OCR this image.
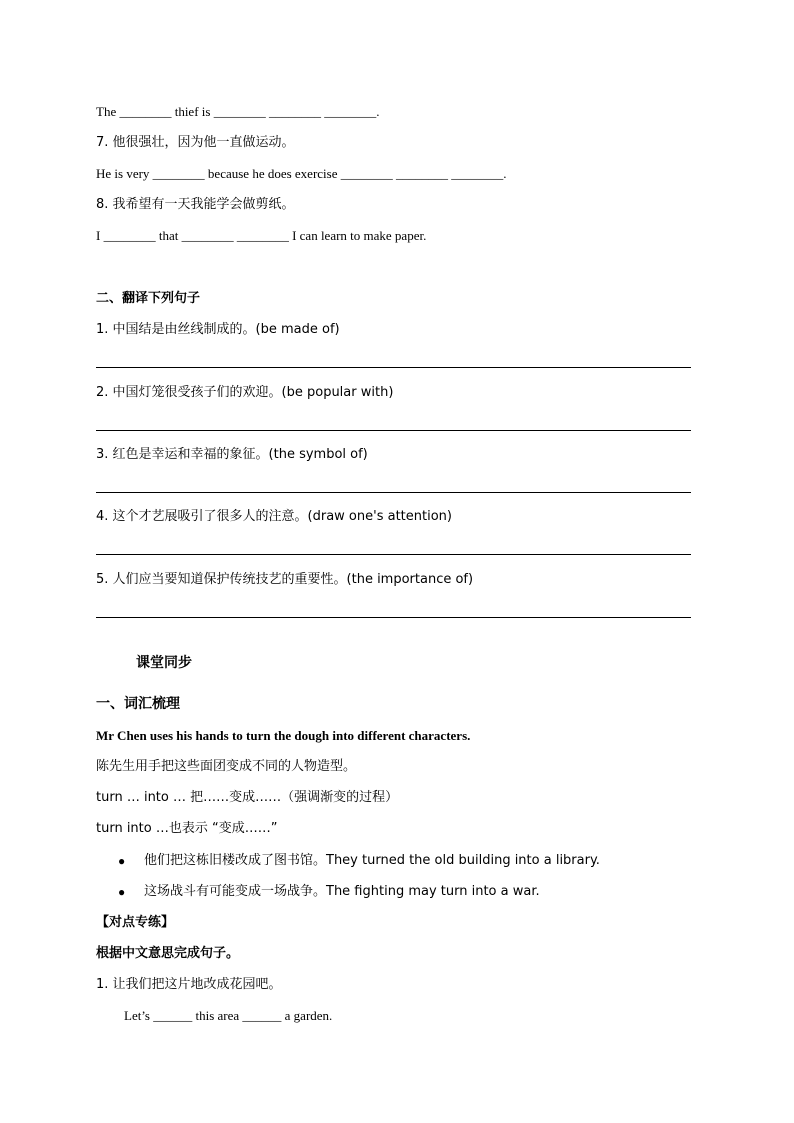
The ________ thief is ________ ________ ________.
7. 他很强壮，因为他一直做运动。
He is very ________ because he does exercise ________ ________ ________.
8. 我希望有一天我能学会做剪纸。
I ________ that ________ ________ I can learn to make paper.
二、翻译下列句子
1. 中国结是由丝线制成的。(be made of)
2. 中国灯笼很受孩子们的欢迎。(be popular with)
3. 红色是幸运和幸福的象征。(the symbol of)
4. 这个才艺展吸引了很多人的注意。(draw one's attention)
5. 人们应当要知道保护传统技艺的重要性。(the importance of)
课堂同步
一、词汇梳理
Mr Chen uses his hands to turn the dough into different characters.
陈先生用手把这些面团变成不同的人物造型。
turn … into … 把……变成……（强调渐变的过程）
turn into …也表示 “变成……”
● 他们把这栋旧楼改成了图书馆。They turned the old building into a library.
● 这场战斗有可能变成一场战争。The fighting may turn into a war.
【对点专练】
根据中文意思完成句子。
1. 让我们把这片地改成花园吧。
Let’s ______ this area ______ a garden.
